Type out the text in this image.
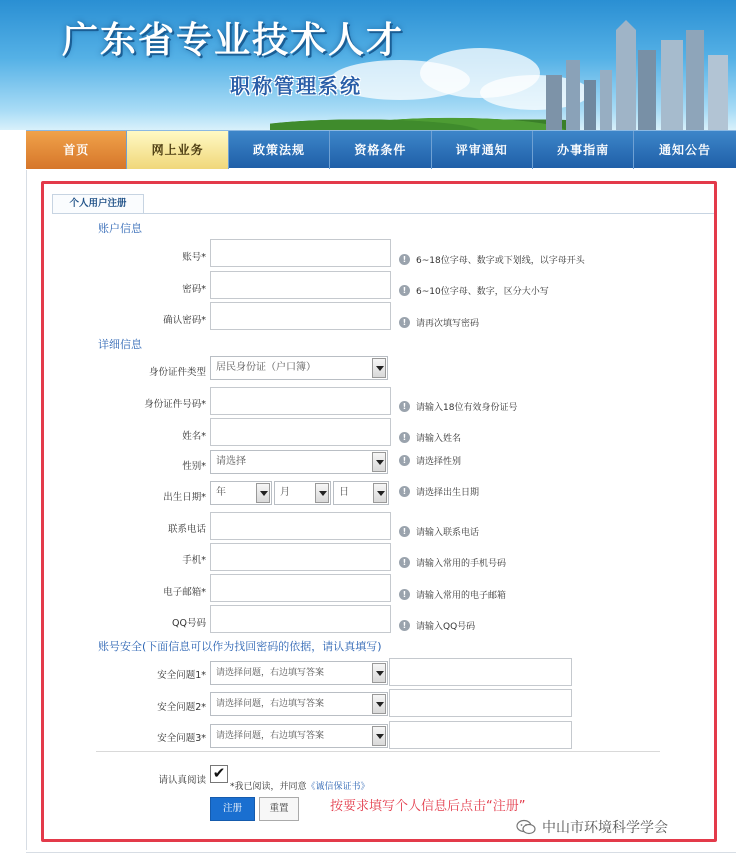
广东省专业技术人才
职称管理系统
首页	网上业务	政策法规	资格条件	评审通知	办事指南	通知公告
个人用户注册
账户信息
账号*	!	6~18位字母、数字或下划线，以字母开头
密码*	!	6~10位字母、数字，区分大小写
确认密码*	!	请再次填写密码
详细信息
身份证件类型	居民身份证（户口簿）
身份证件号码*	!	请输入18位有效身份证号
姓名*	!	请输入姓名
性别*	请选择	!	请选择性别
出生日期*	年	月	日	!	请选择出生日期
联系电话	!	请输入联系电话
手机*	!	请输入常用的手机号码
电子邮箱*	!	请输入常用的电子邮箱
QQ号码	!	请输入QQ号码
账号安全(下面信息可以作为找回密码的依据，请认真填写)
安全问题1*	请选择问题，右边填写答案
安全问题2*	请选择问题，右边填写答案
安全问题3*	请选择问题，右边填写答案
请认真阅读 ✔
*我已阅读，并同意《诚信保证书》
注册	重置	按要求填写个人信息后点击“注册”
中山市环境科学学会
